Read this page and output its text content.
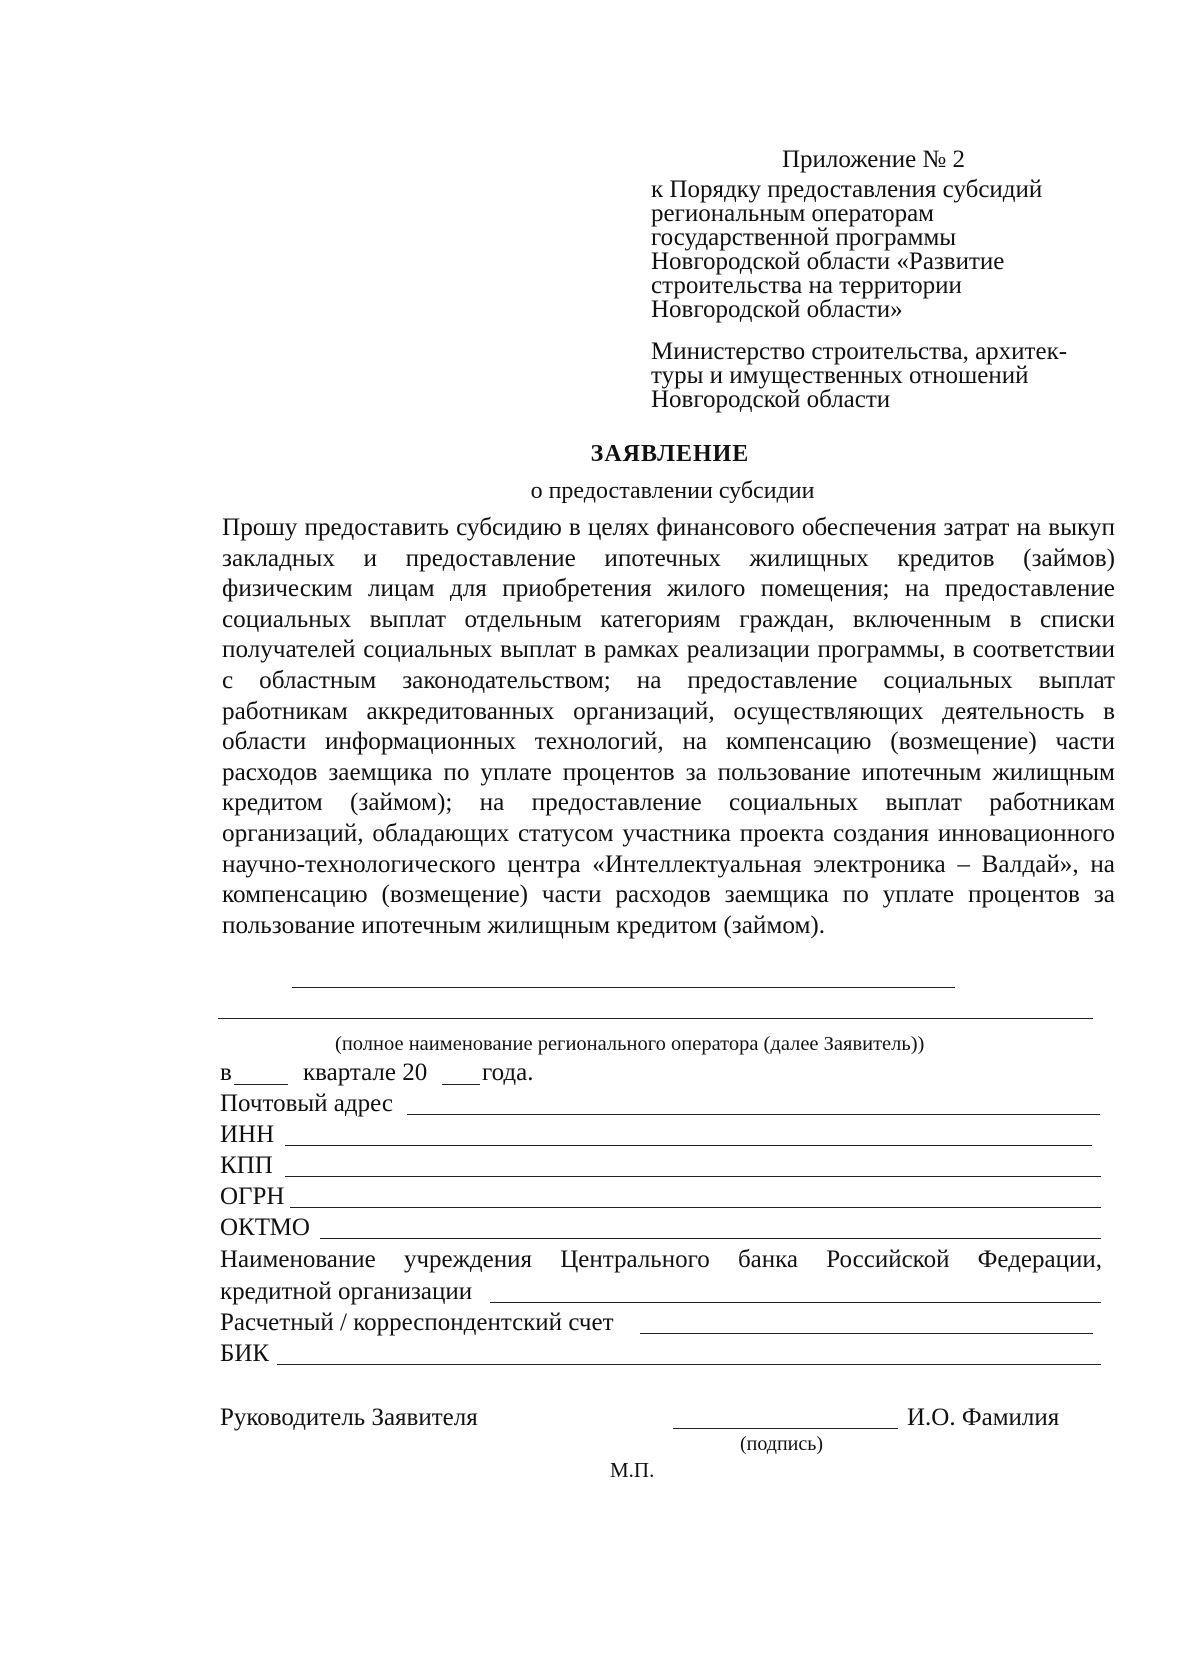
Приложение № 2
к Порядку предоставления субсидий
региональным операторам
государственной программы
Новгородской области «Развитие
строительства на территории
Новгородской области»
Министерство строительства, архитек-
туры и имущественных отношений
Новгородской области
ЗАЯВЛЕНИЕ
о предоставлении субсидии
Прошу предоставить субсидию в целях финансового обеспечения затрат на выкуп закладных и предоставление ипотечных жилищных кредитов (займов) физическим лицам для приобретения жилого помещения; на предоставление социальных выплат отдельным категориям граждан, включенным в списки получателей социальных выплат в рамках реализации программы, в соответствии с областным законодательством; на предоставление социальных выплат работникам аккредитованных организаций, осуществляющих деятельность в области информационных технологий, на компенсацию (возмещение) части расходов заемщика по уплате процентов за пользование ипотечным жилищным кредитом (займом); на предоставление социальных выплат работникам организаций, обладающих статусом участника проекта создания инновационного научно-технологического центра «Интеллектуальная электроника – Валдай», на компенсацию (возмещение) части расходов заемщика по уплате процентов за пользование ипотечным жилищным кредитом (займом).
(полное наименование регионального оператора (далее Заявитель))
в	квартале 20 года.
Почтовый адрес
ИНН
КПП
ОГРН
ОКТМО
Наименование учреждения Центрального банка Российской Федерации,
кредитной организации
Расчетный / корреспондентский счет
БИК
Руководитель Заявителя	И.О. Фамилия
(подпись)
М.П.
